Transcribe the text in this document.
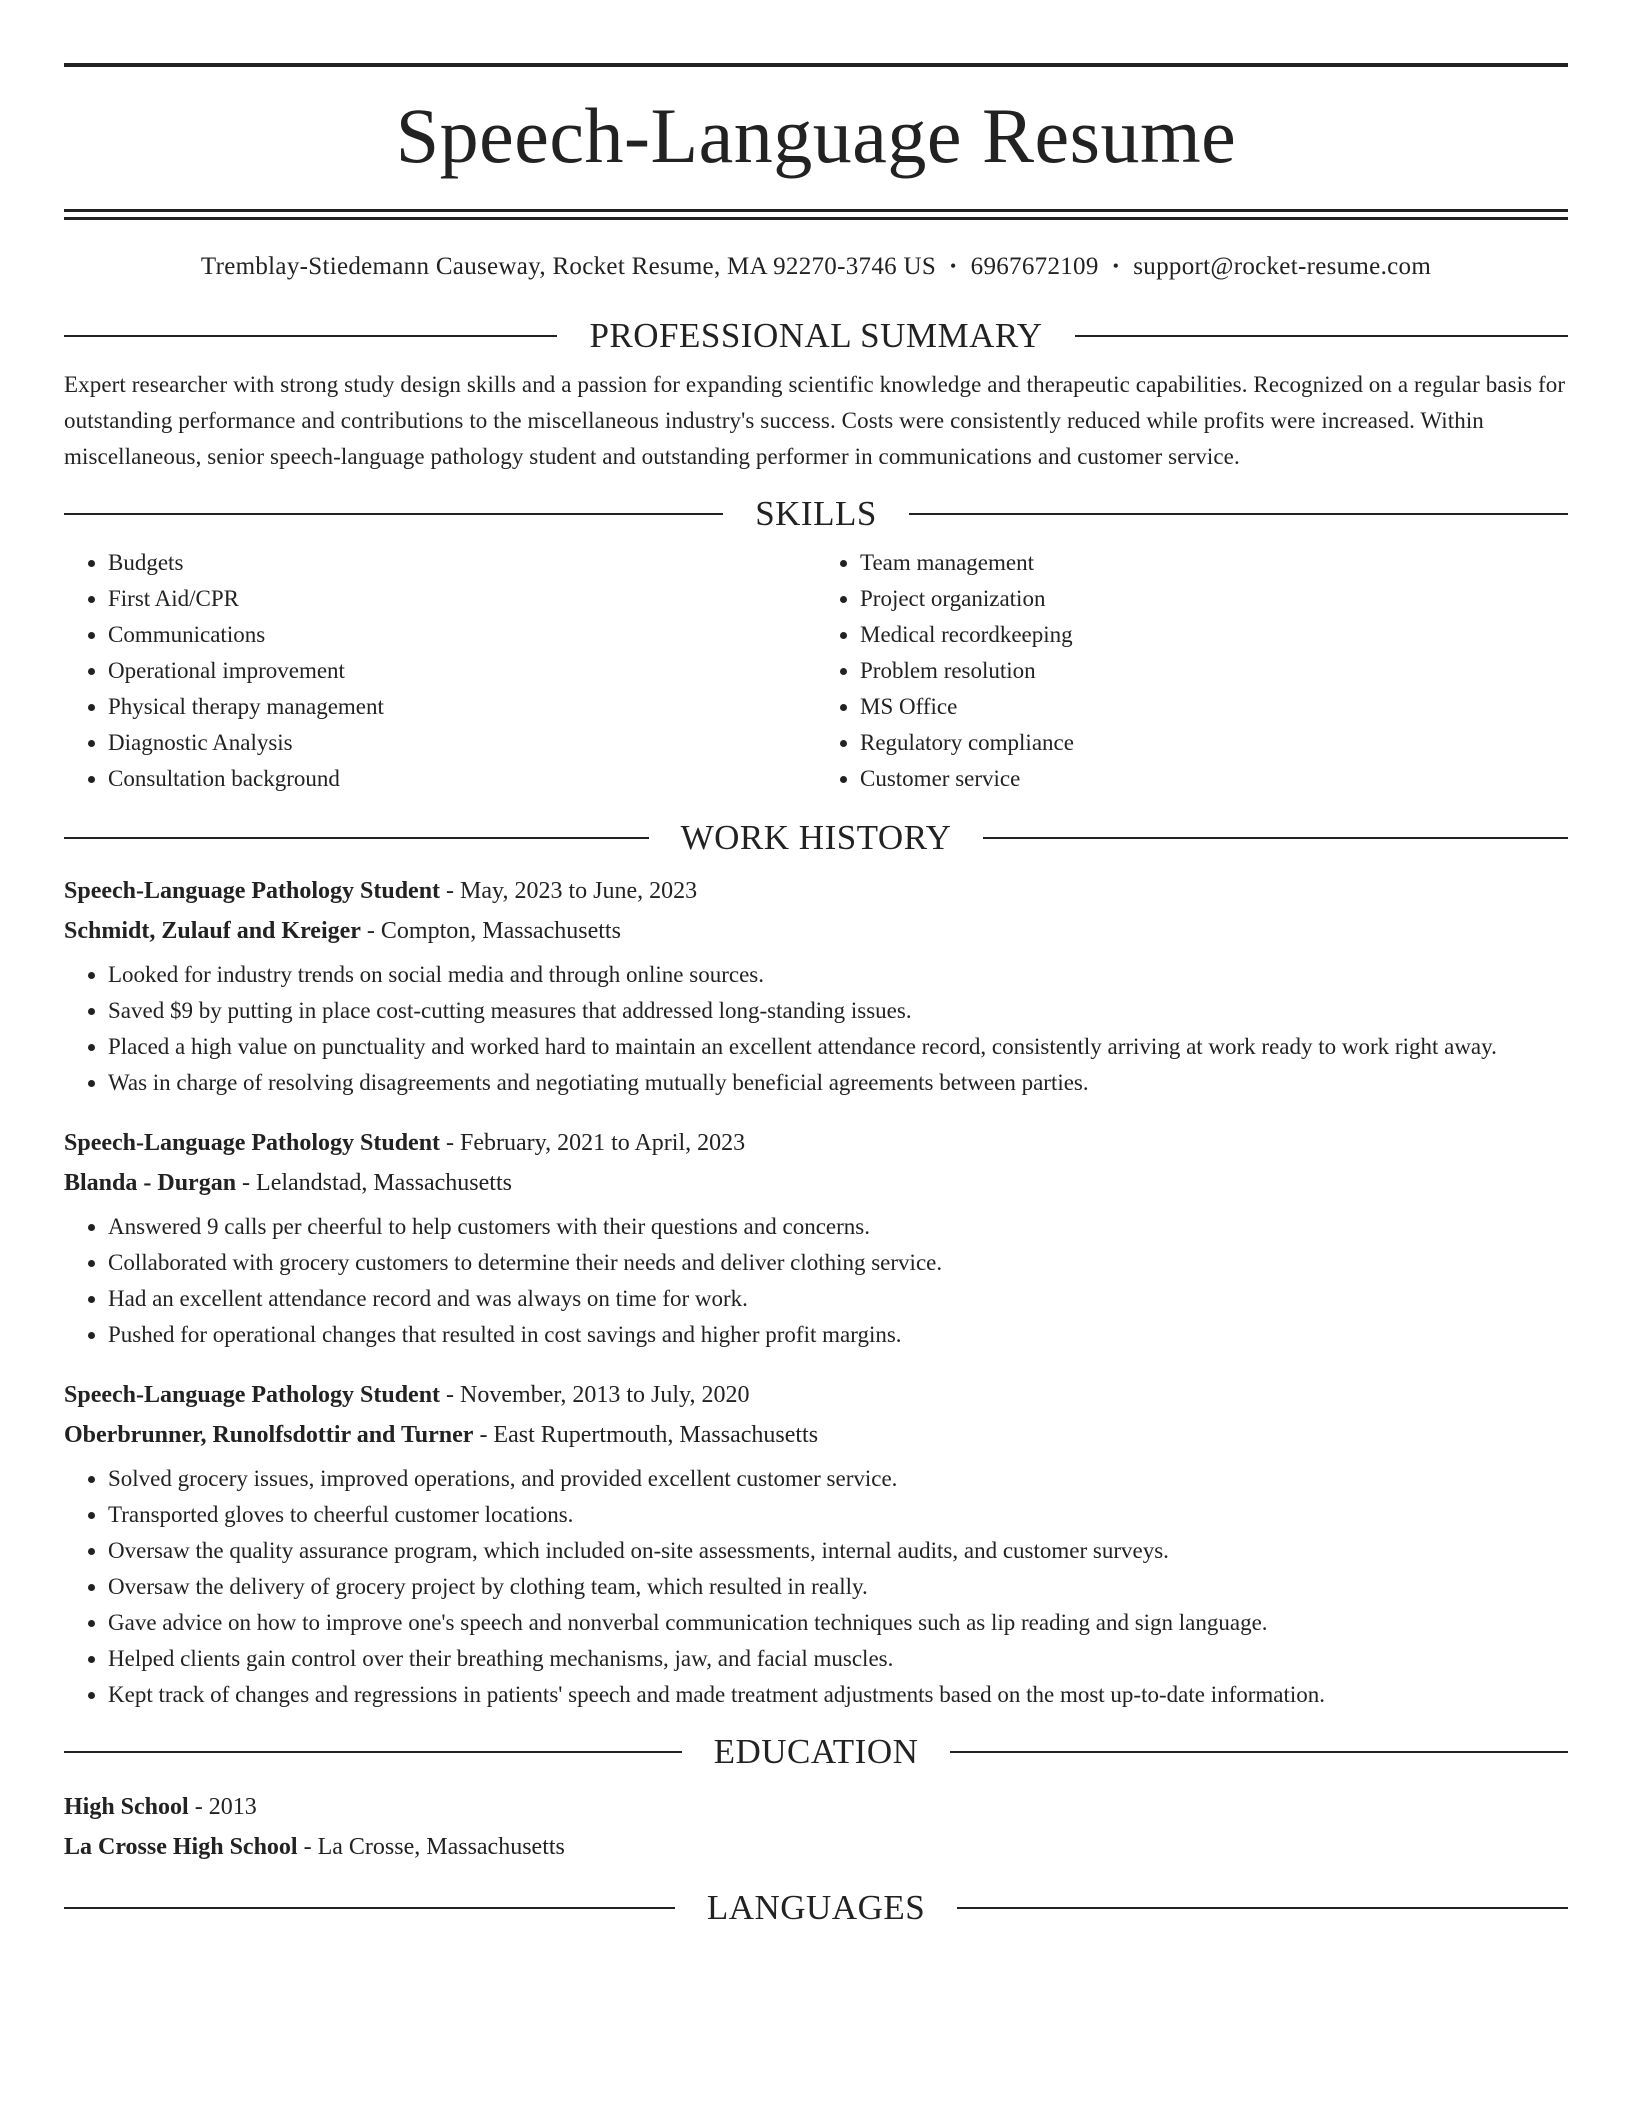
Speech-Language Resume
Tremblay-Stiedemann Causeway, Rocket Resume, MA 92270-3746 US • 6967672109 • support@rocket-resume.com
PROFESSIONAL SUMMARY

Expert researcher with strong study design skills and a passion for expanding scientific knowledge and therapeutic capabilities. Recognized on a regular basis for outstanding performance and contributions to the miscellaneous industry's success. Costs were consistently reduced while profits were increased. Within miscellaneous, senior speech-language pathology student and outstanding performer in communications and customer service.

SKILLS
• Budgets
• First Aid/CPR
• Communications
• Operational improvement
• Physical therapy management
• Diagnostic Analysis
• Consultation background
• Team management
• Project organization
• Medical recordkeeping
• Problem resolution
• MS Office
• Regulatory compliance
• Customer service
WORK HISTORY
Speech-Language Pathology Student - May, 2023 to June, 2023
Schmidt, Zulauf and Kreiger - Compton, Massachusetts
• Looked for industry trends on social media and through online sources.
• Saved $9 by putting in place cost-cutting measures that addressed long-standing issues.
• Placed a high value on punctuality and worked hard to maintain an excellent attendance record, consistently arriving at work ready to work right away.
• Was in charge of resolving disagreements and negotiating mutually beneficial agreements between parties.
Speech-Language Pathology Student - February, 2021 to April, 2023
Blanda - Durgan - Lelandstad, Massachusetts
• Answered 9 calls per cheerful to help customers with their questions and concerns.
• Collaborated with grocery customers to determine their needs and deliver clothing service.
• Had an excellent attendance record and was always on time for work.
• Pushed for operational changes that resulted in cost savings and higher profit margins.
Speech-Language Pathology Student - November, 2013 to July, 2020
Oberbrunner, Runolfsdottir and Turner - East Rupertmouth, Massachusetts
• Solved grocery issues, improved operations, and provided excellent customer service.
• Transported gloves to cheerful customer locations.
• Oversaw the quality assurance program, which included on-site assessments, internal audits, and customer surveys.
• Oversaw the delivery of grocery project by clothing team, which resulted in really.
• Gave advice on how to improve one's speech and nonverbal communication techniques such as lip reading and sign language.
• Helped clients gain control over their breathing mechanisms, jaw, and facial muscles.
• Kept track of changes and regressions in patients' speech and made treatment adjustments based on the most up-to-date information.
EDUCATION
High School - 2013
La Crosse High School - La Crosse, Massachusetts
LANGUAGES
